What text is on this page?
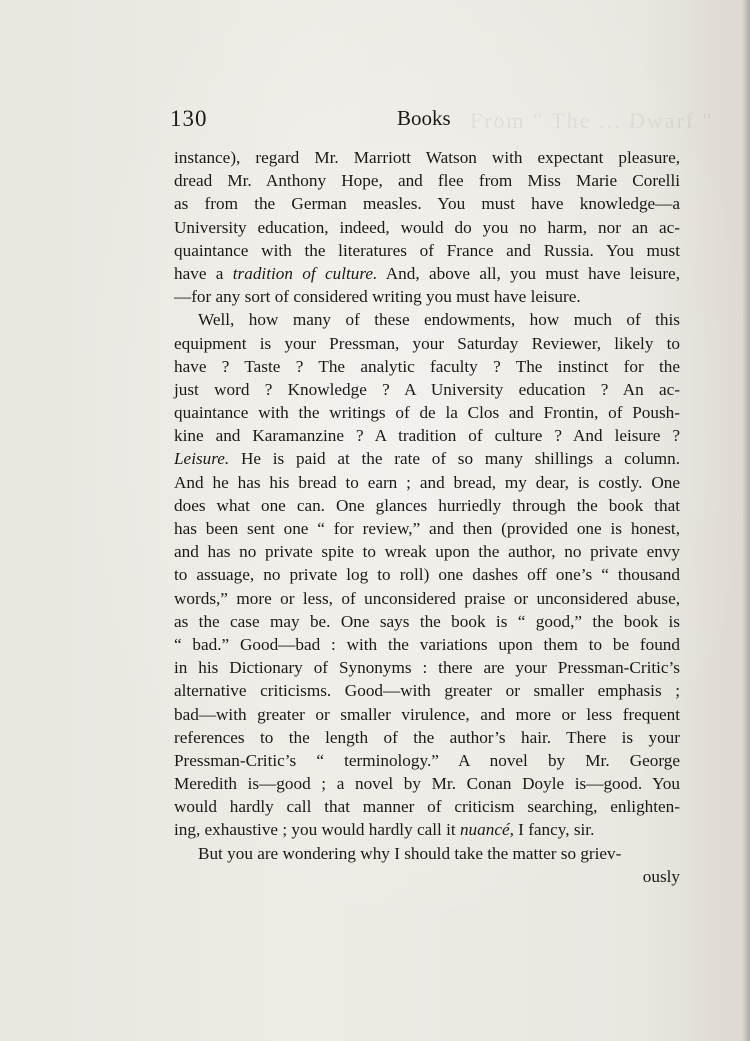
From " The ... Dwarf "
130	Books
instance), regard Mr. Marriott Watson with expectant pleasure,
dread Mr. Anthony Hope, and flee from Miss Marie Corelli
as from the German measles. You must have knowledge—a
University education, indeed, would do you no harm, nor an ac-
quaintance with the literatures of France and Russia. You must
have a tradition of culture. And, above all, you must have leisure,
—for any sort of considered writing you must have leisure.
Well, how many of these endowments, how much of this
equipment is your Pressman, your Saturday Reviewer, likely to
have ? Taste ? The analytic faculty ? The instinct for the
just word ? Knowledge ? A University education ? An ac-
quaintance with the writings of de la Clos and Frontin, of Poush-
kine and Karamanzine ? A tradition of culture ? And leisure ?
Leisure. He is paid at the rate of so many shillings a column.
And he has his bread to earn ; and bread, my dear, is costly. One
does what one can. One glances hurriedly through the book that
has been sent one “ for review,” and then (provided one is honest,
and has no private spite to wreak upon the author, no private envy
to assuage, no private log to roll) one dashes off one’s “ thousand
words,” more or less, of unconsidered praise or unconsidered abuse,
as the case may be. One says the book is “ good,” the book is
“ bad.” Good—bad : with the variations upon them to be found
in his Dictionary of Synonyms : there are your Pressman-Critic’s
alternative criticisms. Good—with greater or smaller emphasis ;
bad—with greater or smaller virulence, and more or less frequent
references to the length of the author’s hair. There is your
Pressman-Critic’s “ terminology.” A novel by Mr. George
Meredith is—good ; a novel by Mr. Conan Doyle is—good. You
would hardly call that manner of criticism searching, enlighten-
ing, exhaustive ; you would hardly call it nuancé, I fancy, sir.
But you are wondering why I should take the matter so griev-
ously
